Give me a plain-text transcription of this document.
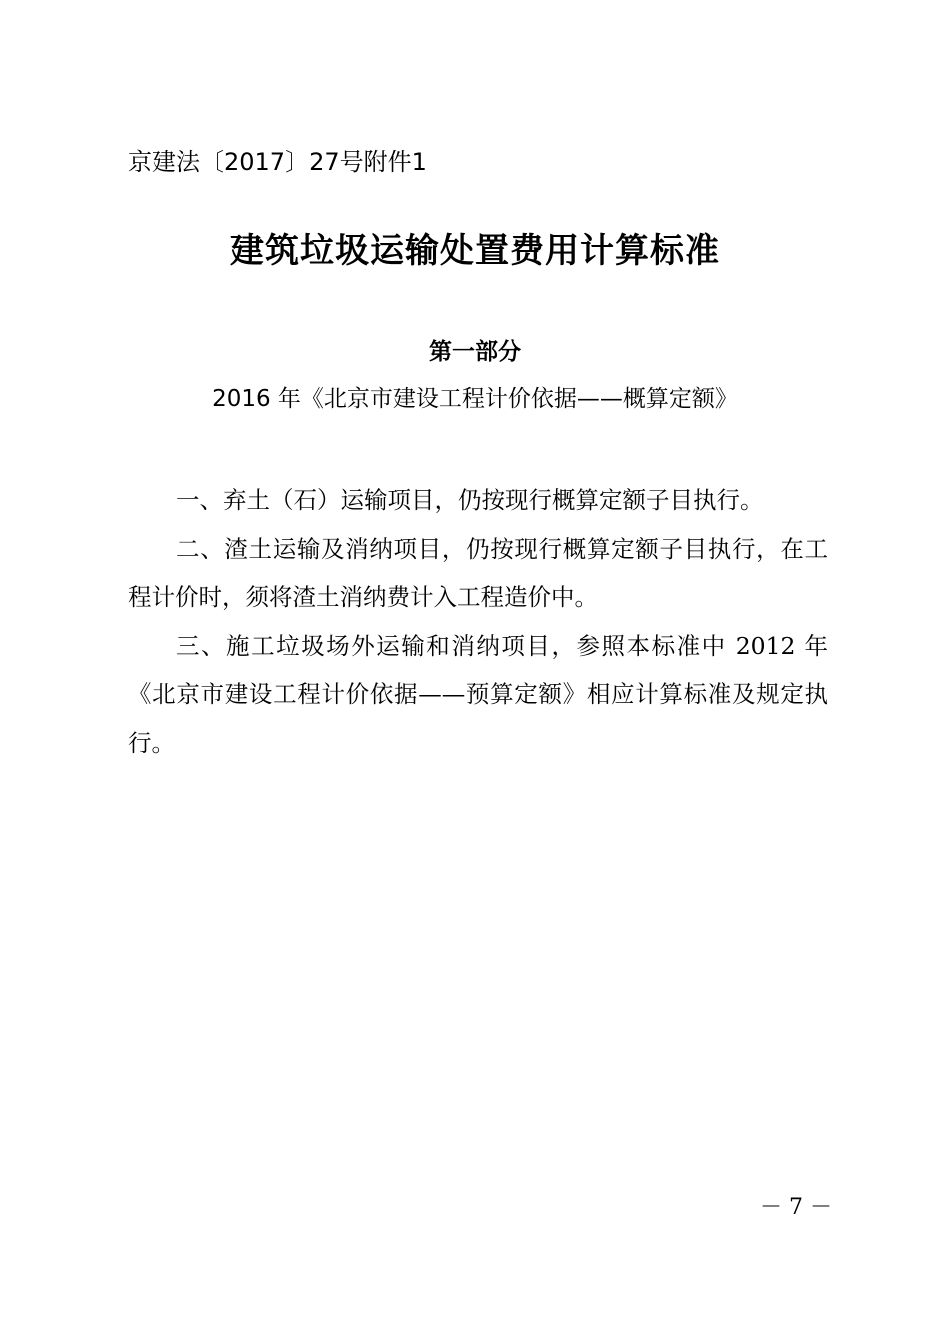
京建法〔2017〕27号附件1
建筑垃圾运输处置费用计算标准
第一部分
2016 年《北京市建设工程计价依据——概算定额》

一、弃土（石）运输项目，仍按现行概算定额子目执行。

二、渣土运输及消纳项目，仍按现行概算定额子目执行，在工程计价时，须将渣土消纳费计入工程造价中。

三、施工垃圾场外运输和消纳项目，参照本标准中 2012 年《北京市建设工程计价依据——预算定额》相应计算标准及规定执行。

－ 7 －
